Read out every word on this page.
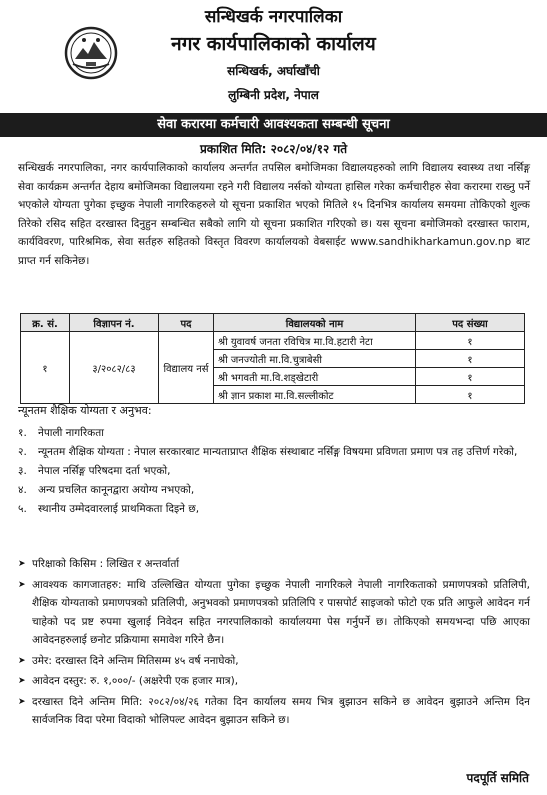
सन्धिखर्क नगरपालिका
नगर कार्यपालिकाको कार्यालय
सन्धिखर्क, अर्घाखाँची
लुम्बिनी प्रदेश, नेपाल
सेवा करारमा कर्मचारी आवश्यकता सम्बन्धी सूचना
प्रकाशित मिति: २०८२/०४/१२ गते
सन्धिखर्क नगरपालिका, नगर कार्यपालिकाको कार्यालय अन्तर्गत तपसिल बमोजिमका विद्यालयहरुको लागि विद्यालय स्वास्थ्य तथा नर्सिङ्ग सेवा कार्यक्रम अन्तर्गत देहाय बमोजिमका विद्यालयमा रहने गरी विद्यालय नर्सको योग्यता हासिल गरेका कर्मचारीहरु सेवा करारमा राख्नु पर्ने भएकोले योग्यता पुगेका इच्छुक नेपाली नागरिकहरुले यो सूचना प्रकाशित भएको मितिले १५ दिनभित्र कार्यालय समयमा तोकिएको शुल्क तिरेको रसिद सहित दरखास्त दिनुहुन सम्बन्धित सबैको लागि यो सूचना प्रकाशित गरिएको छ। यस सूचना बमोजिमको दरखास्त फाराम, कार्यविवरण, पारिश्रमिक, सेवा सर्तहरु सहितको विस्तृत विवरण कार्यालयको वेबसाईट www.sandhikharkamun.gov.np बाट प्राप्त गर्न सकिनेछ।
क्र. सं.	विज्ञापन नं.	पद	विद्यालयको नाम	पद संख्या
१	३/२०८२/८३	विद्यालय नर्स	श्री युवावर्ष जनता रविचित्र मा.वि.हटारी नेटा	१
			श्री जनज्योती मा.वि.चुत्राबेसी	१
			श्री भगवती मा.वि.शड्खेटारी	१
			श्री ज्ञान प्रकाश मा.वि.सल्लीकोट	१
न्यूनतम शैक्षिक योग्यता र अनुभव:
१.	नेपाली नागरिकता
२.	न्यूनतम शैक्षिक योग्यता : नेपाल सरकारबाट मान्यताप्राप्त शैक्षिक संस्थाबाट नर्सिङ्ग विषयमा प्रविणता प्रमाण पत्र तह उत्तिर्ण गरेको,
३.	नेपाल नर्सिङ्ग परिषदमा दर्ता भएको,
४.	अन्य प्रचलित कानूनद्वारा अयोग्य नभएको,
५.	स्थानीय उम्मेदवारलाई प्राथमिकता दिइने छ,
➤ परिक्षाको किसिम : लिखित र अन्तर्वार्ता
➤ आवश्यक कागजातहरु: माथि उल्लिखित योग्यता पुगेका इच्छुक नेपाली नागरिकले नेपाली नागरिकताको प्रमाणपत्रको प्रतिलिपी, शैक्षिक योग्यताको प्रमाणपत्रको प्रतिलिपी, अनुभवको प्रमाणपत्रको प्रतिलिपि र पासपोर्ट साइजको फोटो एक प्रति आफुले आवेदन गर्न चाहेको पद प्रष्ट रुपमा खुलाई निवेदन सहित नगरपालिकाको कार्यालयमा पेस गर्नुपर्ने छ। तोकिएको समयभन्दा पछि आएका आवेदनहरुलाई छनोट प्रक्रियामा समावेश गरिने छैन।
➤ उमेर: दरखास्त दिने अन्तिम मितिसम्म ४५ वर्ष ननाघेको,
➤ आवेदन दस्तुर: रु. १,०००/- (अक्षरेपी एक हजार मात्र),
➤ दरखास्त दिने अन्तिम मिति: २०८२/०४/२६ गतेका दिन कार्यालय समय भित्र बुझाउन सकिने छ आवेदन बुझाउने अन्तिम दिन सार्वजनिक विदा परेमा विदाको भोलिपल्ट आवेदन बुझाउन सकिने छ।
पदपूर्ति समिति
